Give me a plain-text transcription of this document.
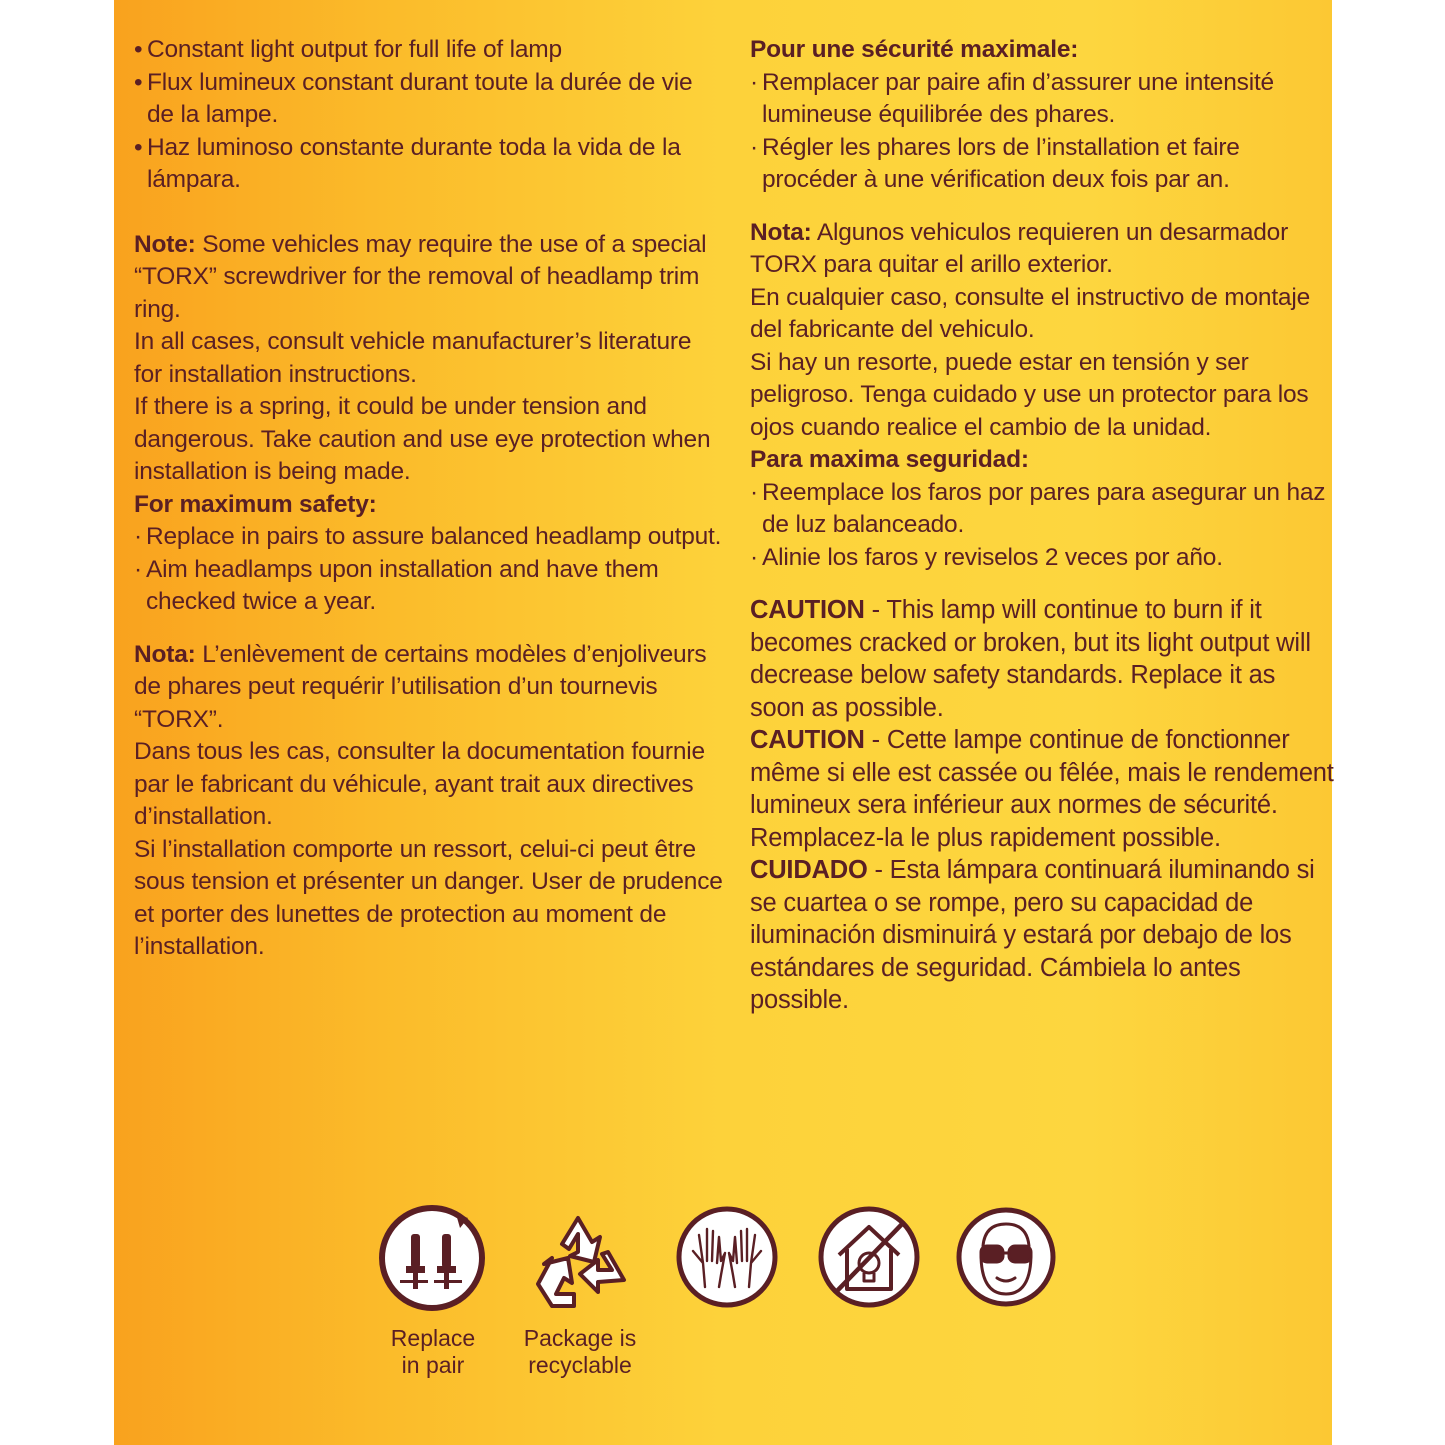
• Constant light output for full life of lamp

• Flux lumineux constant durant toute la durée de vie de la lampe.

• Haz luminoso constante durante toda la vida de la lámpara.

Note: Some vehicles may require the use of a special “TORX” screwdriver for the removal of headlamp trim ring.

In all cases, consult vehicle manufacturer’s literature for installation instructions.

If there is a spring, it could be under tension and dangerous. Take caution and use eye protection when installation is being made.

For maximum safety:

· Replace in pairs to assure balanced headlamp output.

· Aim headlamps upon installation and have them checked twice a year.

Nota: L’enlèvement de certains modèles d’enjoliveurs de phares peut requérir l’utilisation d’un tournevis “TORX”.

Dans tous les cas, consulter la documentation fournie par le fabricant du véhicule, ayant trait aux directives d’installation.

Si l’installation comporte un ressort, celui-ci peut être sous tension et présenter un danger. User de prudence et porter des lunettes de protection au moment de l’installation.

Pour une sécurité maximale:

· Remplacer par paire afin d’assurer une intensité lumineuse équilibrée des phares.

· Régler les phares lors de l’installation et faire procéder à une vérification deux fois par an.

Nota: Algunos vehiculos requieren un desarmador TORX para quitar el arillo exterior.

En cualquier caso, consulte el instructivo de montaje del fabricante del vehiculo.

Si hay un resorte, puede estar en tensión y ser peligroso. Tenga cuidado y use un protector para los ojos cuando realice el cambio de la unidad.

Para maxima seguridad:

· Reemplace los faros por pares para asegurar un haz de luz balanceado.

· Alinie los faros y reviselos 2 veces por año.

CAUTION - This lamp will continue to burn if it becomes cracked or broken, but its light output will decrease below safety standards. Replace it as soon as possible.

CAUTION - Cette lampe continue de fonctionner même si elle est cassée ou fêlée, mais le rendement lumineux sera inférieur aux normes de sécurité. Remplacez-la le plus rapidement possible.

CUIDADO - Esta lámpara continuará iluminando si se cuartea o se rompe, pero su capacidad de iluminación disminuirá y estará por debajo de los estándares de seguridad. Cámbiela lo antes possible.

Replace
in pair
Package is
recyclable
